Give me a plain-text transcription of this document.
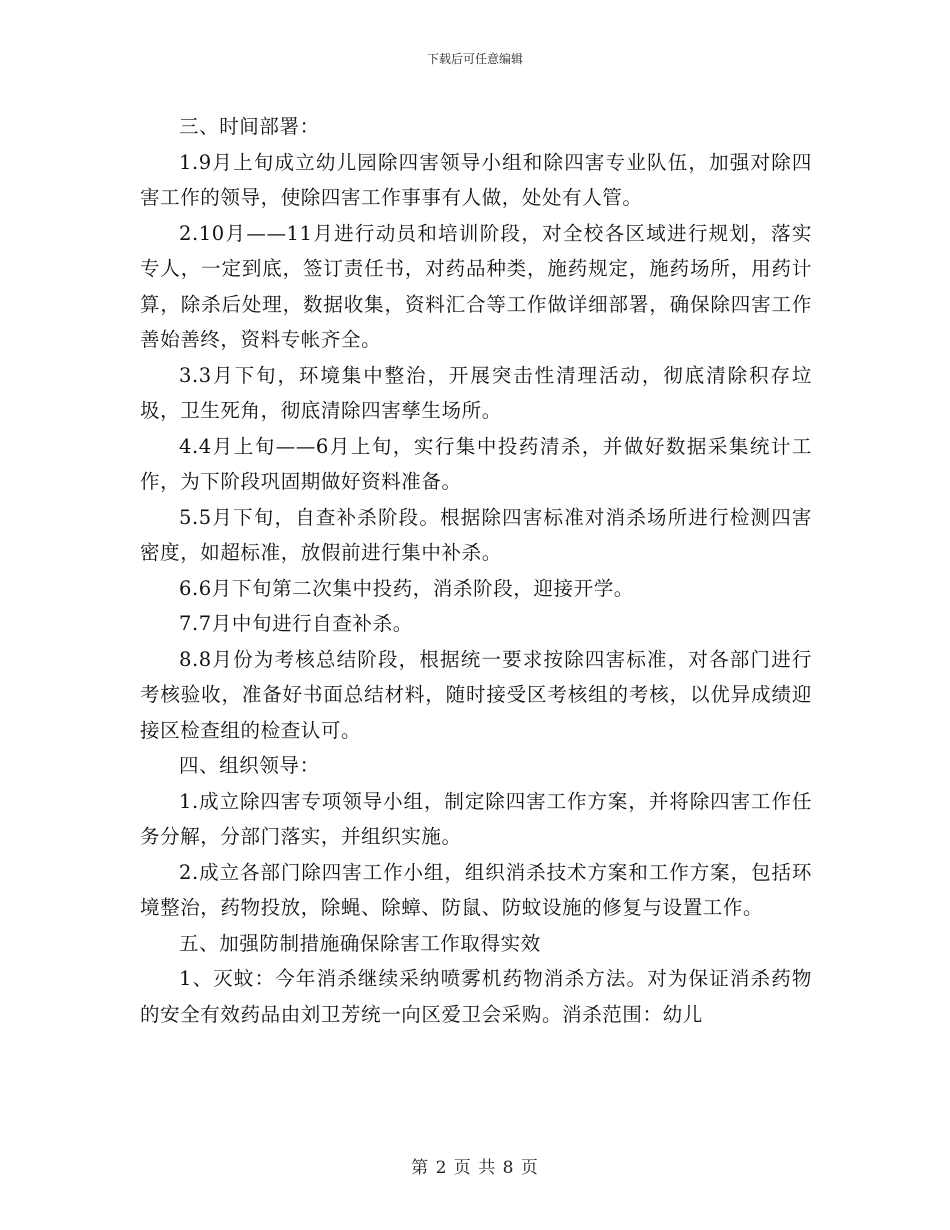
下载后可任意编辑

三、时间部署：

1.9月上旬成立幼儿园除四害领导小组和除四害专业队伍，加强对除四害工作的领导，使除四害工作事事有人做，处处有人管。

2.10月——11月进行动员和培训阶段，对全校各区域进行规划，落实专人，一定到底，签订责任书，对药品种类，施药规定，施药场所，用药计算，除杀后处理，数据收集，资料汇合等工作做详细部署，确保除四害工作善始善终，资料专帐齐全。

3.3月下旬，环境集中整治，开展突击性清理活动，彻底清除积存垃圾，卫生死角，彻底清除四害孳生场所。

4.4月上旬——6月上旬，实行集中投药清杀，并做好数据采集统计工作，为下阶段巩固期做好资料准备。

5.5月下旬，自查补杀阶段。根据除四害标准对消杀场所进行检测四害密度，如超标准，放假前进行集中补杀。

6.6月下旬第二次集中投药，消杀阶段，迎接开学。

7.7月中旬进行自查补杀。

8.8月份为考核总结阶段，根据统一要求按除四害标准，对各部门进行考核验收，准备好书面总结材料，随时接受区考核组的考核，以优异成绩迎接区检查组的检查认可。

四、组织领导：

1.成立除四害专项领导小组，制定除四害工作方案，并将除四害工作任务分解，分部门落实，并组织实施。

2.成立各部门除四害工作小组，组织消杀技术方案和工作方案，包括环境整治，药物投放，除蝇、除蟑、防鼠、防蚊设施的修复与设置工作。

五、加强防制措施确保除害工作取得实效

1、灭蚊：今年消杀继续采纳喷雾机药物消杀方法。对为保证消杀药物的安全有效药品由刘卫芳统一向区爱卫会采购。消杀范围：幼儿

第 2 页 共 8 页
